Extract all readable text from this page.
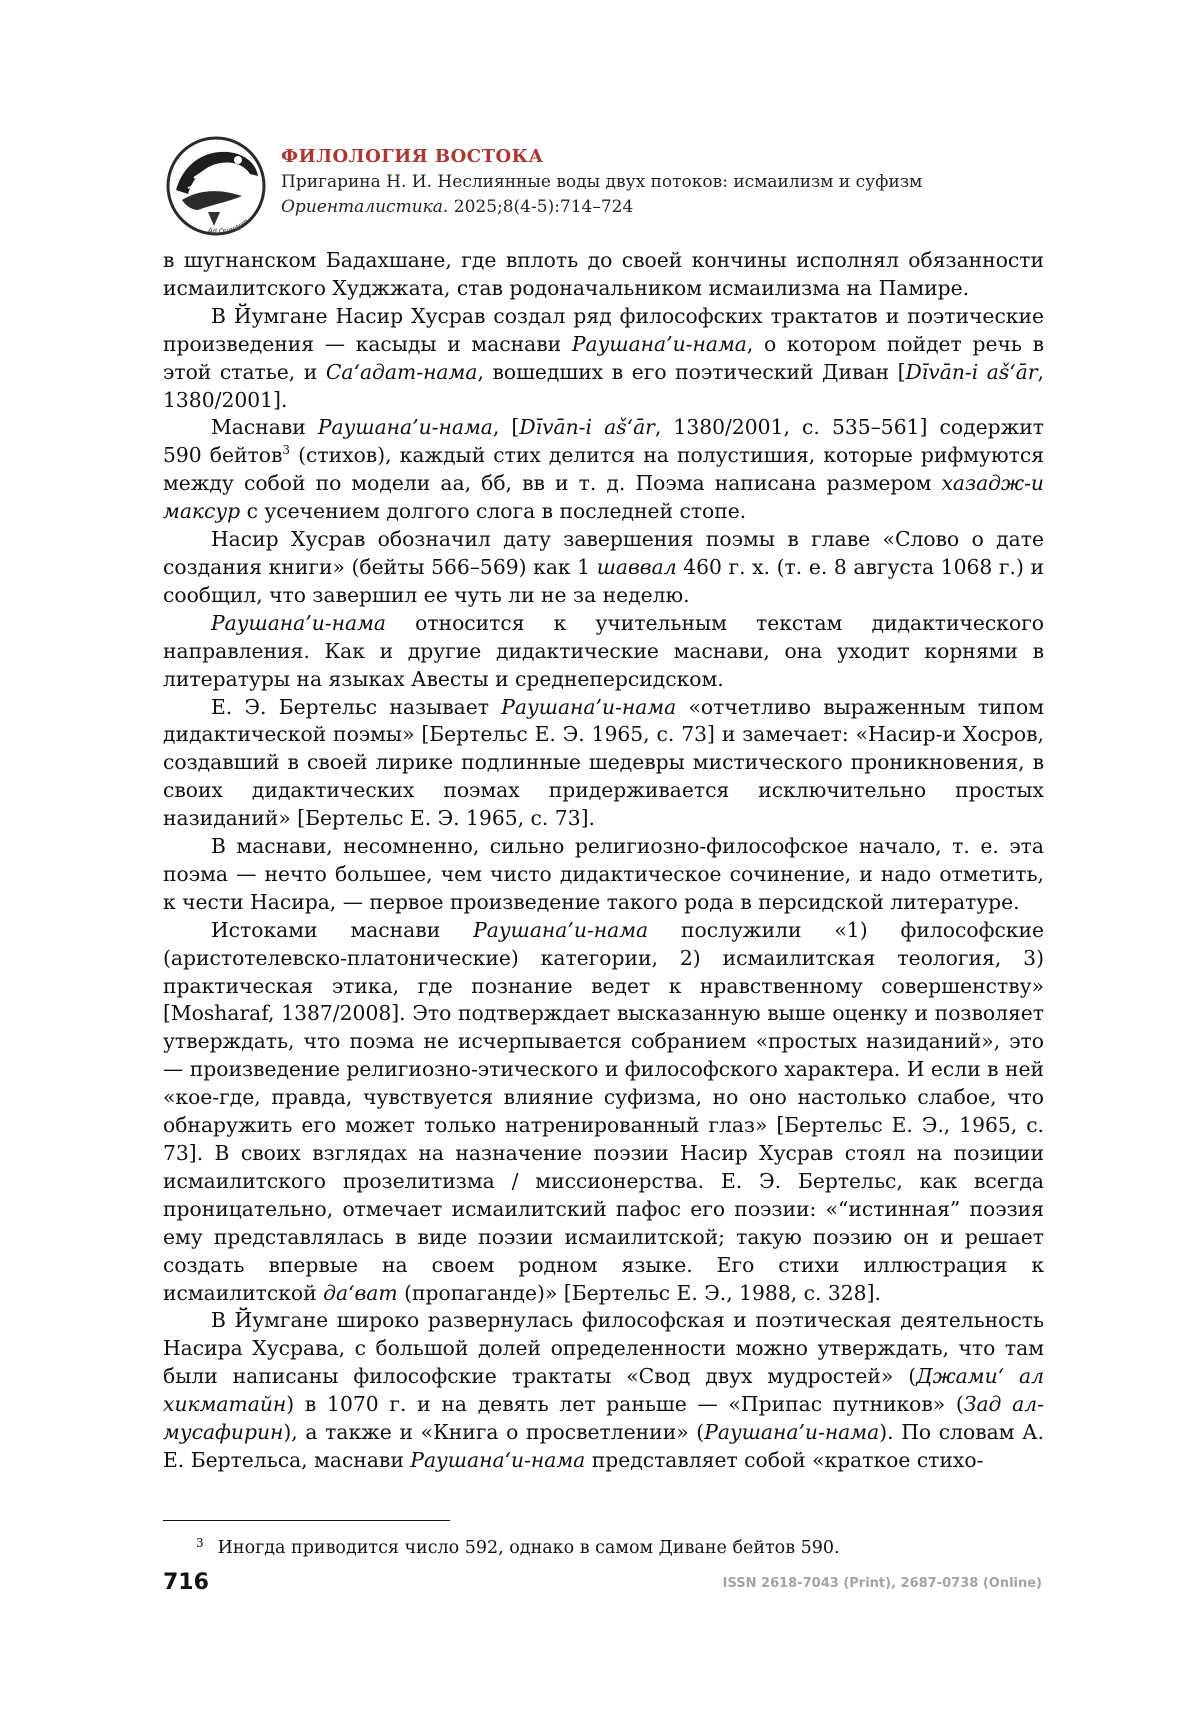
Ad Orientem
ФИЛОЛОГИЯ ВОСТОКА
Пригарина Н. И. Неслиянные воды двух потоков: исмаилизм и суфизм
Ориенталистика. 2025;8(4-5):714–724

в шугнанском Бадахшане, где вплоть до своей кончины исполнял обязанности исмаилитского Худжжата, став родоначальником исмаилизма на Памире.

В Йумгане Насир Хусрав создал ряд философских трактатов и поэтические произведения — касыды и маснави Раушана’и-нама, о котором пойдет речь в этой статье, и Са‘адат-нама, вошедших в его поэтический Диван [Dīvān-i aš‘ār, 1380/2001].

Маснави Раушана’и-нама, [Dīvān-i aš‘ār, 1380/2001, с. 535–561] содержит 590 бейтов$^3$ (стихов), каждый стих делится на полустишия, которые рифмуются между собой по модели аа, бб, вв и т. д. Поэма написана размером хазадж-и максур с усечением долгого слога в последней стопе.

Насир Хусрав обозначил дату завершения поэмы в главе «Слово о дате создания книги» (бейты 566–569) как 1 шаввал 460 г. х. (т. е. 8 августа 1068 г.) и сообщил, что завершил ее чуть ли не за неделю.

Раушана’и-нама относится к учительным текстам дидактического направления. Как и другие дидактические маснави, она уходит корнями в литературы на языках Авесты и среднеперсидском.

Е. Э. Бертельс называет Раушана’и-нама «отчетливо выраженным типом дидактической поэмы» [Бертельс Е. Э. 1965, с. 73] и замечает: «Насир-и Хосров, создавший в своей лирике подлинные шедевры мистического проникновения, в своих дидактических поэмах придерживается исключительно простых назиданий» [Бертельс Е. Э. 1965, с. 73].

В маснави, несомненно, сильно религиозно-философское начало, т. е. эта поэма — нечто большее, чем чисто дидактическое сочинение, и надо отметить, к чести Насира, — первое произведение такого рода в персидской литературе.

Истоками маснави Раушана’и-нама послужили «1) философские (аристотелевско-платонические) категории, 2) исмаилитская теология, 3) практическая этика, где познание ведет к нравственному совершенству» [Mosharaf, 1387/2008]. Это подтверждает высказанную выше оценку и позволяет утверждать, что поэма не исчерпывается собранием «простых назиданий», это — произведение религиозно-этического и философского характера. И если в ней «кое-где, правда, чувствуется влияние суфизма, но оно настолько слабое, что обнаружить его может только натренированный глаз» [Бертельс Е. Э., 1965, с. 73]. В своих взглядах на назначение поэзии Насир Хусрав стоял на позиции исмаилитского прозелитизма / миссионерства. Е. Э. Бертельс, как всегда проницательно, отмечает исмаилитский пафос его поэзии: «“истинная” поэзия ему представлялась в виде поэзии исмаилитской; такую поэзию он и решает создать впервые на своем родном языке. Его стихи иллюстрация к исмаилитской да‘ват (пропаганде)» [Бертельс Е. Э., 1988, с. 328].

В Йумгане широко развернулась философская и поэтическая деятельность Насира Хусрава, с большой долей определенности можно утверждать, что там были написаны философские трактаты «Свод двух мудростей» (Джами‘ ал хикматайн) в 1070 г. и на девять лет раньше — «Припас путников» (Зад ал-мусафирин), а также и «Книга о просветлении» (Раушана’и-нама). По словам А. Е. Бертельса, маснави Раушана‘и-нама представляет собой «краткое стихо-

$^3$ Иногда приводится число 592, однако в самом Диване бейтов 590.
716	ISSN 2618-7043 (Print), 2687-0738 (Online)
